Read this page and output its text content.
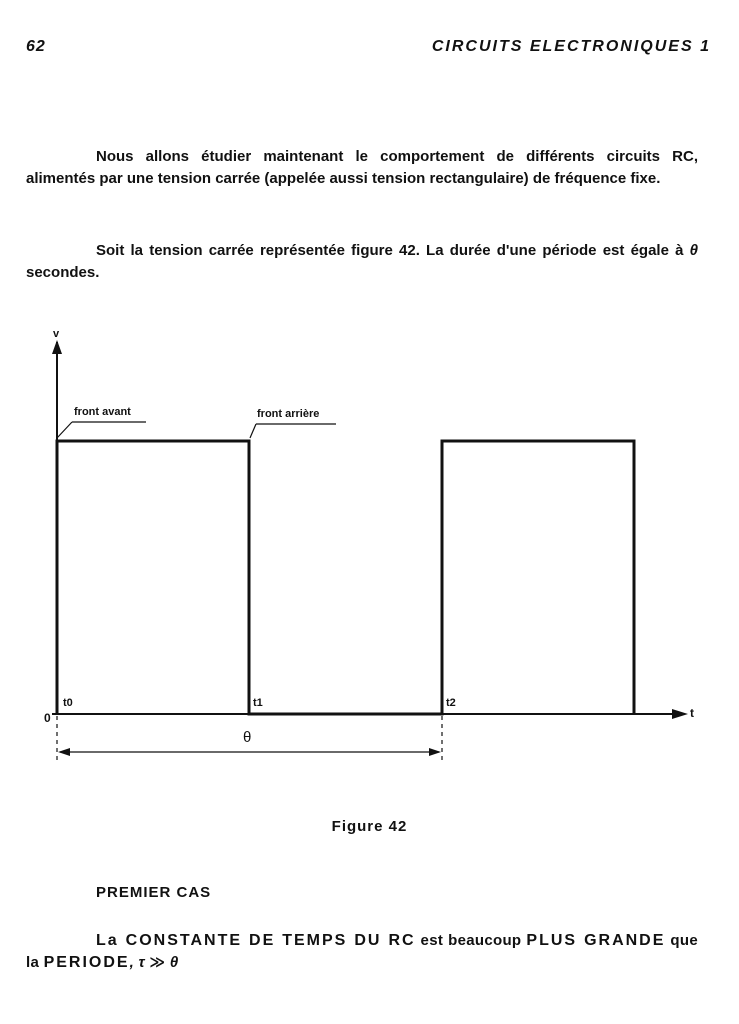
62	CIRCUITS ELECTRONIQUES 1
Nous allons étudier maintenant le comportement de différents circuits RC, alimentés par une tension carrée (appelée aussi tension rectangulaire) de fréquence fixe.
Soit la tension carrée représentée figure 42. La durée d'une période est égale à θ secondes.
v
t
0
t0	t1	t2
front avant	front arrière
θ
Figure 42
PREMIER CAS
La CONSTANTE DE TEMPS DU RC est beaucoup PLUS GRANDE que la PERIODE, τ ≫ θ
